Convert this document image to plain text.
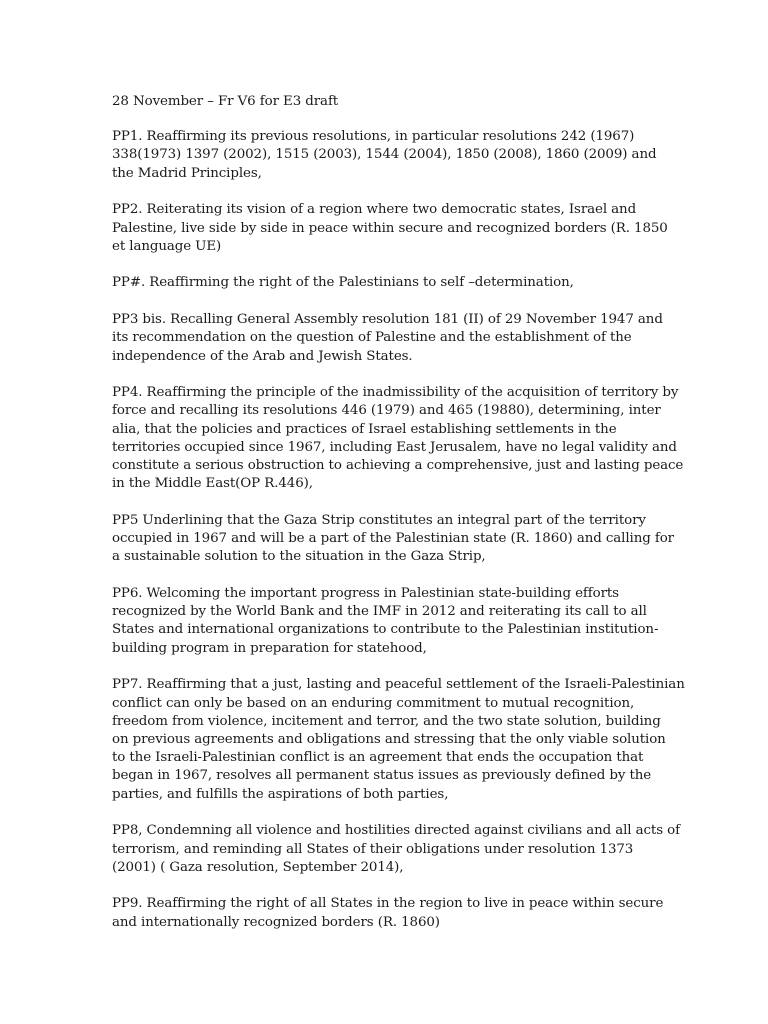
28 November – Fr V6 for E3 draft
PP1. Reaffirming its previous resolutions, in particular resolutions 242 (1967)
338(1973) 1397 (2002), 1515 (2003), 1544 (2004), 1850 (2008), 1860 (2009) and
the Madrid Principles,
PP2. Reiterating its vision of a region where two democratic states, Israel and
Palestine, live side by side in peace within secure and recognized borders (R. 1850
et language UE)
PP#. Reaffirming the right of the Palestinians to self –determination,
PP3 bis. Recalling General Assembly resolution 181 (II) of 29 November 1947 and
its recommendation on the question of Palestine and the establishment of the
independence of the Arab and Jewish States.
PP4. Reaffirming the principle of the inadmissibility of the acquisition of territory by
force and recalling its resolutions 446 (1979) and 465 (19880), determining, inter
alia, that the policies and practices of Israel establishing settlements in the
territories occupied since 1967, including East Jerusalem, have no legal validity and
constitute a serious obstruction to achieving a comprehensive, just and lasting peace
in the Middle East(OP R.446),
PP5 Underlining that the Gaza Strip constitutes an integral part of the territory
occupied in 1967 and will be a part of the Palestinian state (R. 1860) and calling for
a sustainable solution to the situation in the Gaza Strip,
PP6. Welcoming the important progress in Palestinian state-building efforts
recognized by the World Bank and the IMF in 2012 and reiterating its call to all
States and international organizations to contribute to the Palestinian institution-
building program in preparation for statehood,
PP7. Reaffirming that a just, lasting and peaceful settlement of the Israeli-Palestinian
conflict can only be based on an enduring commitment to mutual recognition,
freedom from violence, incitement and terror, and the two state solution, building
on previous agreements and obligations and stressing that the only viable solution
to the Israeli-Palestinian conflict is an agreement that ends the occupation that
began in 1967, resolves all permanent status issues as previously defined by the
parties, and fulfills the aspirations of both parties,
PP8, Condemning all violence and hostilities directed against civilians and all acts of
terrorism, and reminding all States of their obligations under resolution 1373
(2001) ( Gaza resolution, September 2014),
PP9. Reaffirming the right of all States in the region to live in peace within secure
and internationally recognized borders (R. 1860)
